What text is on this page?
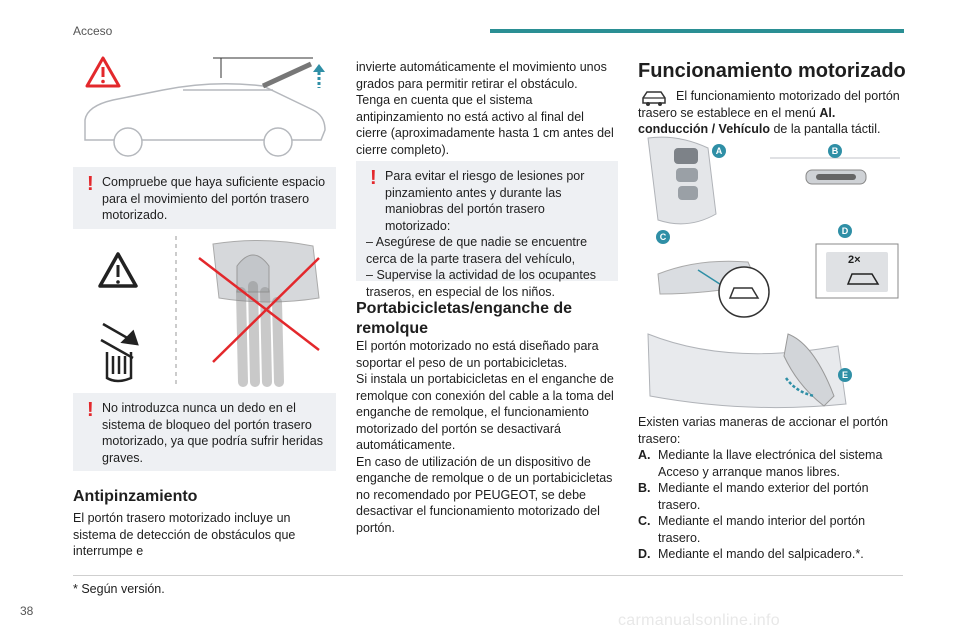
Acceso
! Compruebe que haya suficiente espacio para el movimiento del portón trasero motorizado.
! No introduzca nunca un dedo en el sistema de bloqueo del portón trasero motorizado, ya que podría sufrir heridas graves.
Antipinzamiento
El portón trasero motorizado incluye un sistema de detección de obstáculos que interrumpe e
invierte automáticamente el movimiento unos grados para permitir retirar el obstáculo.
Tenga en cuenta que el sistema antipinzamiento no está activo al final del cierre (aproximadamente hasta 1 cm antes del cierre completo).
! Para evitar el riesgo de lesiones por pinzamiento antes y durante las maniobras del portón trasero motorizado:
– Asegúrese de que nadie se encuentre cerca de la parte trasera del vehículo,
– Supervise la actividad de los ocupantes traseros, en especial de los niños.
Portabicicletas/enganche de remolque
El portón motorizado no está diseñado para soportar el peso de un portabicicletas.
Si instala un portabicicletas en el enganche de remolque con conexión del cable a la toma del enganche de remolque, el funcionamiento motorizado del portón se desactivará automáticamente.
En caso de utilización de un dispositivo de enganche de remolque o de un portabicicletas no recomendado por PEUGEOT, se debe desactivar el funcionamiento motorizado del portón.
Funcionamiento motorizado
El funcionamiento motorizado del portón trasero se establece en el menú Al. conducción / Vehículo de la pantalla táctil.
A	B
C
D
E
2×
Existen varias maneras de accionar el portón trasero:
A. Mediante la llave electrónica del sistema Acceso y arranque manos libres.
B. Mediante el mando exterior del portón trasero.
C. Mediante el mando interior del portón trasero.
D. Mediante el mando del salpicadero.*.
* Según versión.
38
carmanualsonline.info
